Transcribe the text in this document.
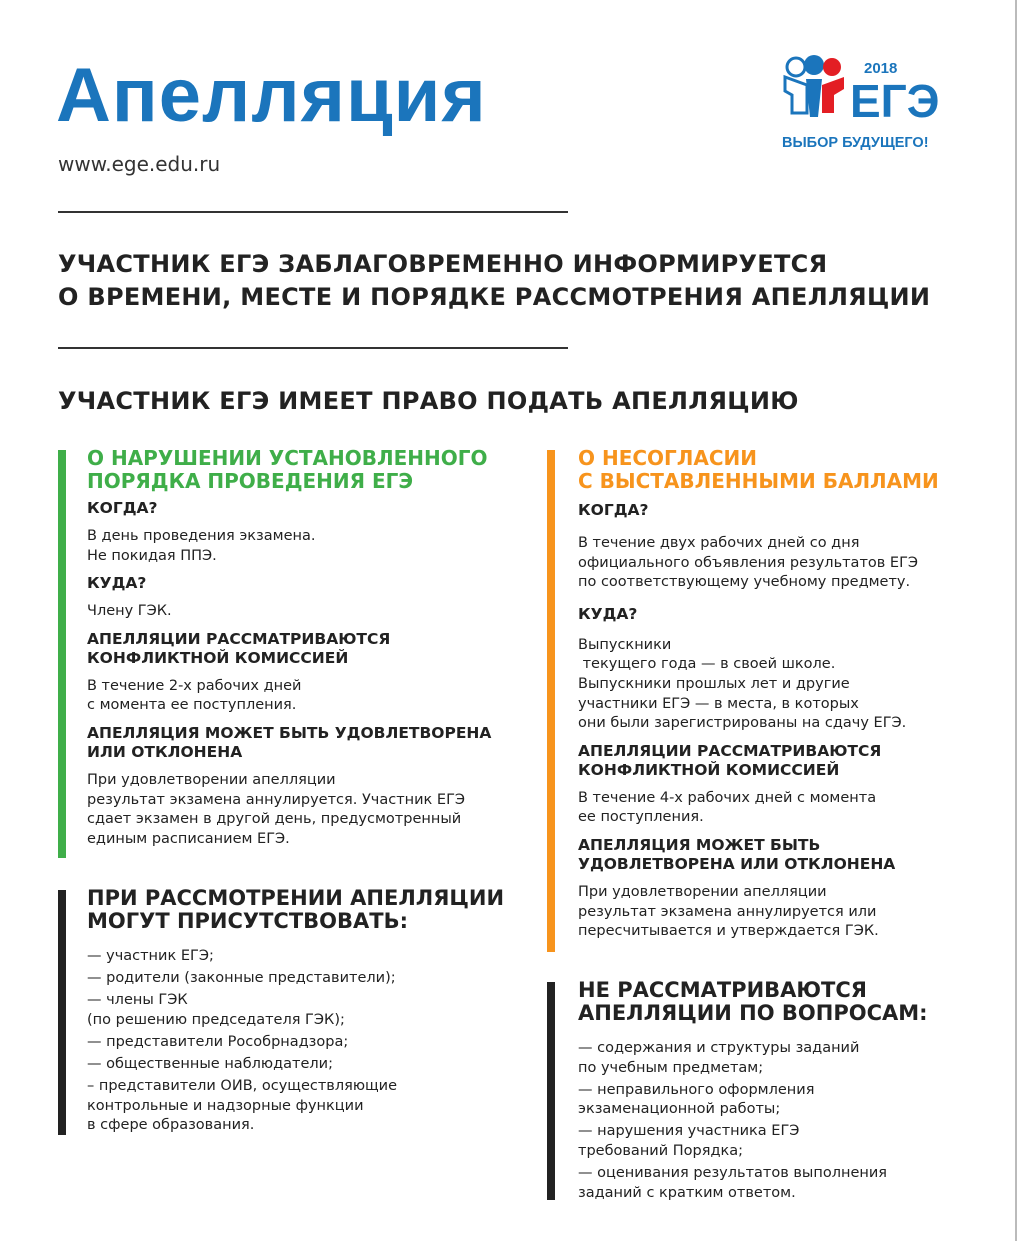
Апелляция
www.ege.edu.ru
2018
ЕГЭ
ВЫБОР БУДУЩЕГО!
УЧАСТНИК ЕГЭ ЗАБЛАГОВРЕМЕННО ИНФОРМИРУЕТСЯ
О ВРЕМЕНИ, МЕСТЕ И ПОРЯДКЕ РАССМОТРЕНИЯ АПЕЛЛЯЦИИ
УЧАСТНИК ЕГЭ ИМЕЕТ ПРАВО ПОДАТЬ АПЕЛЛЯЦИЮ
О НАРУШЕНИИ УСТАНОВЛЕННОГО
ПОРЯДКА ПРОВЕДЕНИЯ ЕГЭ
КОГДА?

В день проведения экзамена.
Не покидая ППЭ.

КУДА?

Члену ГЭК.

АПЕЛЛЯЦИИ РАССМАТРИВАЮТСЯ
КОНФЛИКТНОЙ КОМИССИЕЙ

В течение 2-х рабочих дней
с момента ее поступления.

АПЕЛЛЯЦИЯ МОЖЕТ БЫТЬ УДОВЛЕТВОРЕНА
ИЛИ ОТКЛОНЕНА

При удовлетворении апелляции
результат экзамена аннулируется. Участник ЕГЭ
сдает экзамен в другой день, предусмотренный
единым расписанием ЕГЭ.

ПРИ РАССМОТРЕНИИ АПЕЛЛЯЦИИ
МОГУТ ПРИСУТСТВОВАТЬ:
— участник ЕГЭ;
— родители (законные представители);
— члены ГЭК
(по решению председателя ГЭК);
— представители Рособрнадзора;
— общественные наблюдатели;
– представители ОИВ, осуществляющие
контрольные и надзорные функции
в сфере образования.
О НЕСОГЛАСИИ
С ВЫСТАВЛЕННЫМИ БАЛЛАМИ
КОГДА?

В течение двух рабочих дней со дня
официального объявления результатов ЕГЭ
по соответствующему учебному предмету.

КУДА?

Выпускники
текущего года — в своей школе.
Выпускники прошлых лет и другие
участники ЕГЭ — в места, в которых
они были зарегистрированы на сдачу ЕГЭ.

АПЕЛЛЯЦИИ РАССМАТРИВАЮТСЯ
КОНФЛИКТНОЙ КОМИССИЕЙ

В течение 4-х рабочих дней с момента
ее поступления.

АПЕЛЛЯЦИЯ МОЖЕТ БЫТЬ
УДОВЛЕТВОРЕНА ИЛИ ОТКЛОНЕНА

При удовлетворении апелляции
результат экзамена аннулируется или
пересчитывается и утверждается ГЭК.

НЕ РАССМАТРИВАЮТСЯ
АПЕЛЛЯЦИИ ПО ВОПРОСАМ:
— содержания и структуры заданий
по учебным предметам;
— неправильного оформления
экзаменационной работы;
— нарушения участника ЕГЭ
требований Порядка;
— оценивания результатов выполнения
заданий с кратким ответом.
